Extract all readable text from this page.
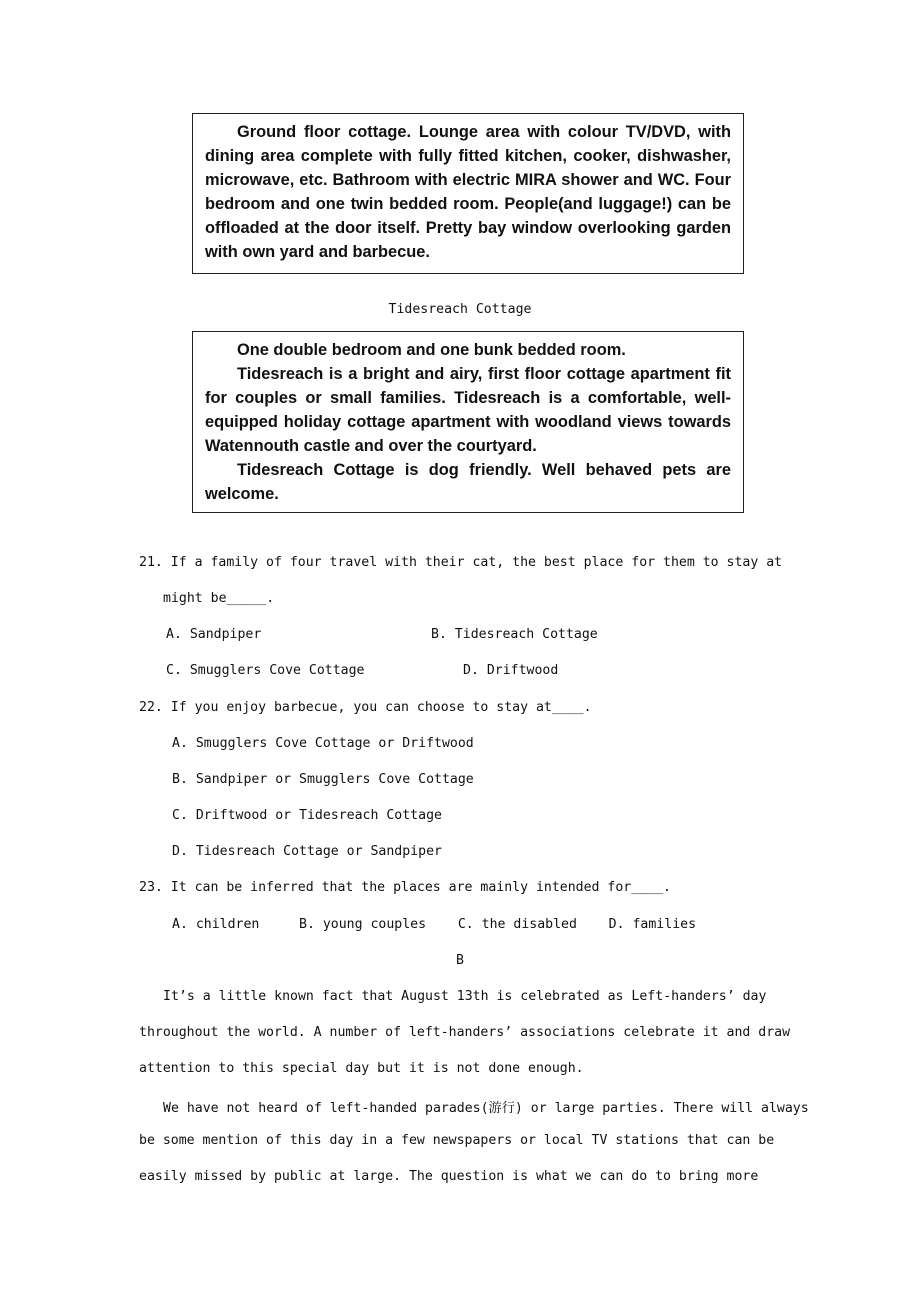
Ground floor cottage. Lounge area with colour TV/DVD, with dining area complete with fully fitted kitchen, cooker, dishwasher, microwave, etc. Bathroom with electric MIRA shower and WC. Four bedroom and one twin bedded room. People(and luggage!) can be offloaded at the door itself. Pretty bay window overlooking garden with own yard and barbecue.

Tidesreach Cottage

One double bedroom and one bunk bedded room.

Tidesreach is a bright and airy, first floor cottage apartment fit for couples or small families. Tidesreach is a comfortable, well-equipped holiday cottage apartment with woodland views towards Watennouth castle and over the courtyard.

Tidesreach Cottage is dog friendly. Well behaved pets are welcome.

21. If a family of four travel with their cat, the best place for them to stay at
might be_____.
A. Sandpiper	B. Tidesreach Cottage
C. Smugglers Cove Cottage	D. Driftwood
22. If you enjoy barbecue, you can choose to stay at____.
A. Smugglers Cove Cottage or Driftwood
B. Sandpiper or Smugglers Cove Cottage
C. Driftwood or Tidesreach Cottage
D. Tidesreach Cottage or Sandpiper
23. It can be inferred that the places are mainly intended for____.
A. children     B. young couples    C. the disabled    D. families
B
It’s a little known fact that August 13th is celebrated as Left-handers’ day
throughout the world. A number of left-handers’ associations celebrate it and draw
attention to this special day but it is not done enough.
We have not heard of left-handed parades(游行) or large parties. There will always
be some mention of this day in a few newspapers or local TV stations that can be
easily missed by public at large. The question is what we can do to bring more
